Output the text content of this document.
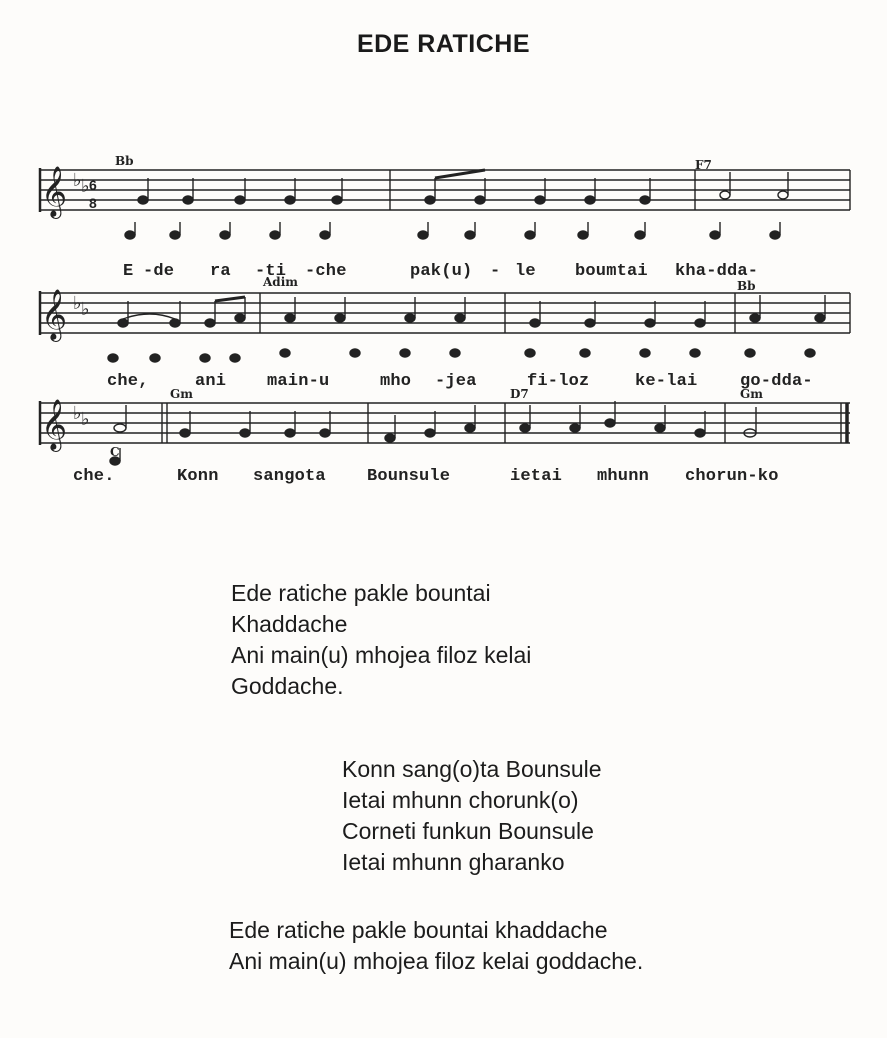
EDE RATICHE
𝄞 ♭ ♭ 6
8
Bb	F7
E -de ra -ti -che	pak(u) - le boumtai kha-dda-
𝄞 ♭ ♭
Adim	Bb
che,	ani main-u	mho -jea	fi-loz	ke-lai	go-dda-
𝄞 ♭ ♭
C
Gm	D7	Gm
che.	Konn sangota Bounsule	ietai mhunn chorun-ko
Ede ratiche pakle bountai
Khaddache
Ani main(u) mhojea filoz kelai
Goddache.
Konn sang(o)ta Bounsule
Ietai mhunn chorunk(o)
Corneti funkun Bounsule
Ietai mhunn gharanko
Ede ratiche pakle bountai khaddache
Ani main(u) mhojea filoz kelai goddache.
